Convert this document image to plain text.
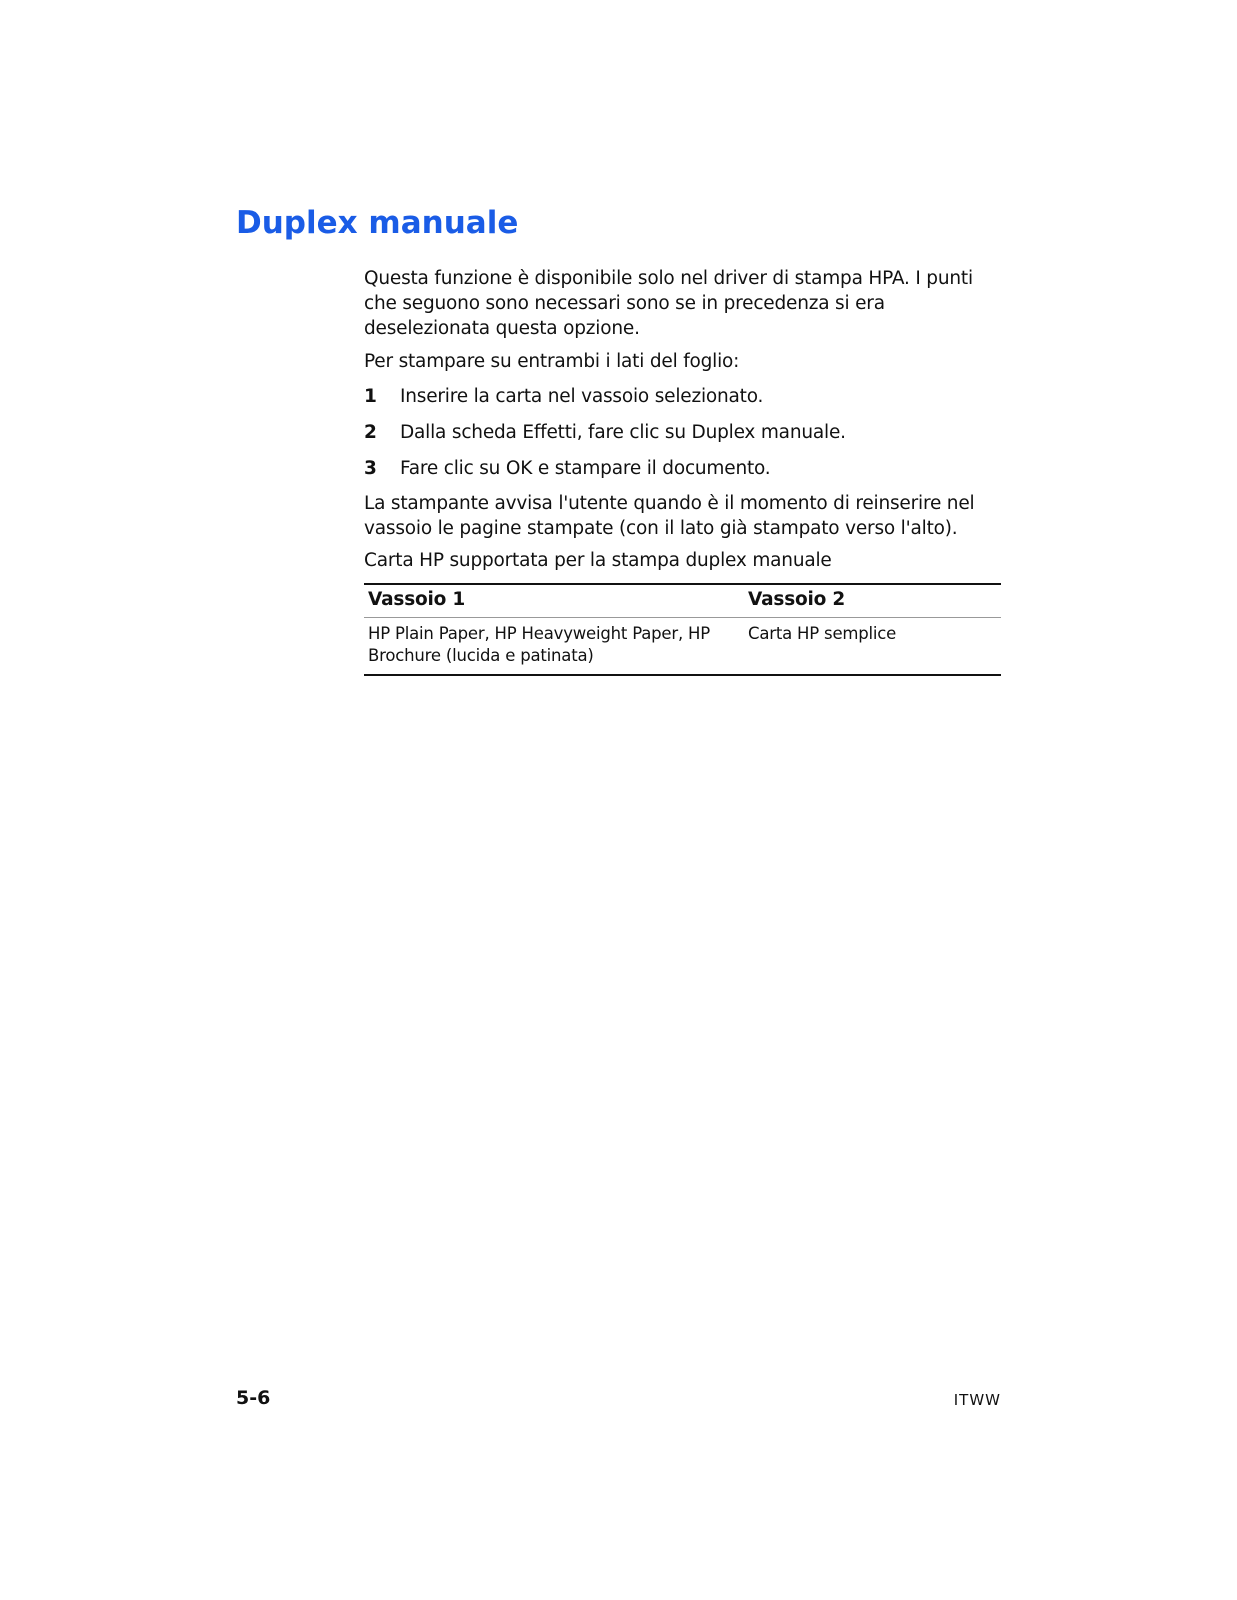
Duplex manuale

Questa funzione è disponibile solo nel driver di stampa HPA. I punti che seguono sono necessari sono se in precedenza si era deselezionata questa opzione.

Per stampare su entrambi i lati del foglio:

1	Inserire la carta nel vassoio selezionato.
2	Dalla scheda Effetti, fare clic su Duplex manuale.
3	Fare clic su OK e stampare il documento.

La stampante avvisa l'utente quando è il momento di reinserire nel vassoio le pagine stampate (con il lato già stampato verso l'alto).

Carta HP supportata per la stampa duplex manuale

Vassoio 1	Vassoio 2
HP Plain Paper, HP Heavyweight Paper, HP Brochure (lucida e patinata)	Carta HP semplice

5-6	ITWW
